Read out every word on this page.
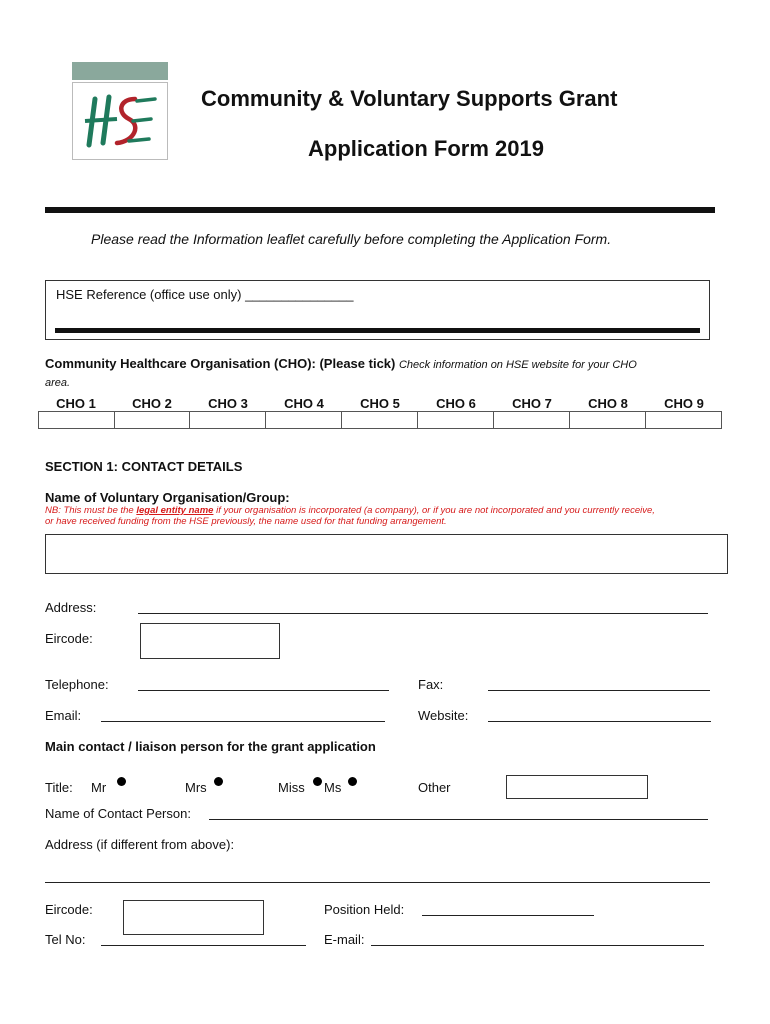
Community & Voluntary Supports Grant
Application Form 2019
Please read the Information leaflet carefully before completing the Application Form.
HSE Reference (office use only) _______________
Community Healthcare Organisation (CHO): (Please tick) Check information on HSE website for your CHO
area.
CHO 1	CHO 2	CHO 3	CHO 4	CHO 5	CHO 6	CHO 7	CHO 8	CHO 9
SECTION 1: CONTACT DETAILS
Name of Voluntary Organisation/Group:
NB: This must be the legal entity name if your organisation is incorporated (a company), or if you are not incorporated and you currently receive,
or have received funding from the HSE previously, the name used for that funding arrangement.
Address:
Eircode:
Telephone:	Fax:
Email:	Website:
Main contact / liaison person for the grant application
Title: Mr	Mrs	Miss Ms	Other
Name of Contact Person:
Address (if different from above):
Eircode:	Position Held:
Tel No:	E-mail:
